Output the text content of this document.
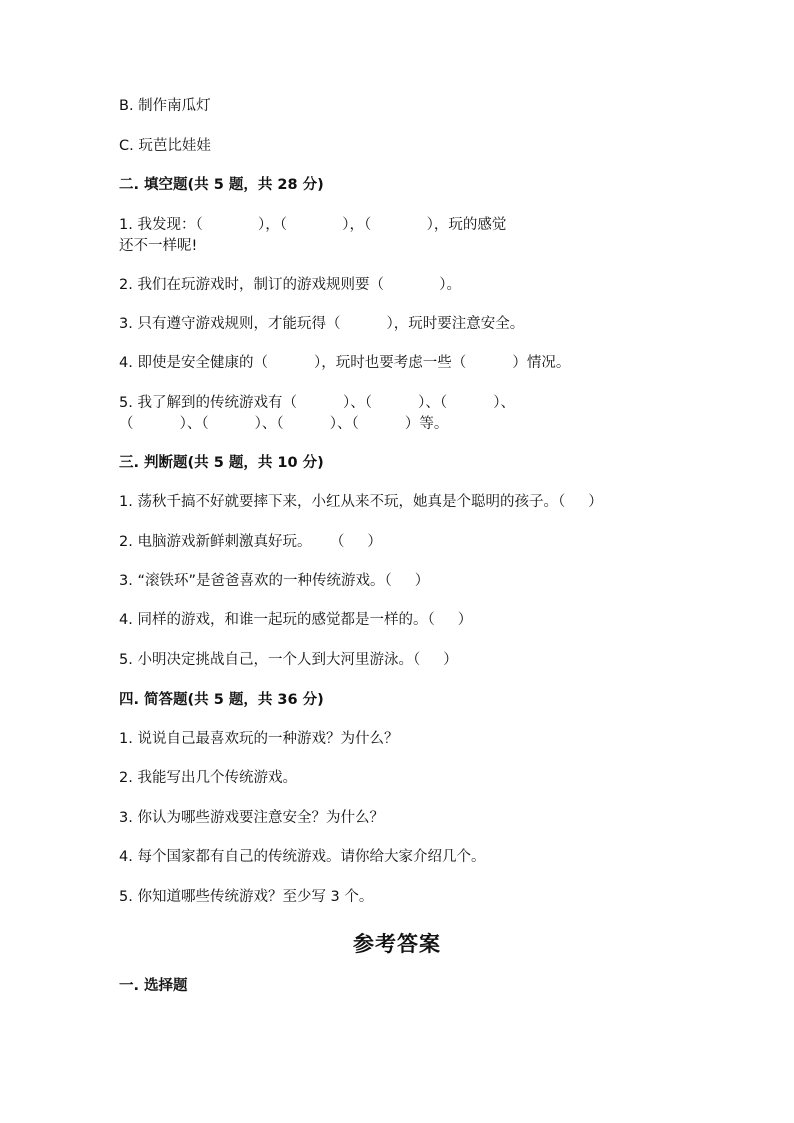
B. 制作南瓜灯
C. 玩芭比娃娃
二. 填空题(共 5 题，共 28 分)
1. 我发现：（            ），（            ），（            ），玩的感觉
还不一样呢!
2. 我们在玩游戏时，制订的游戏规则要（            ）。
3. 只有遵守游戏规则，才能玩得（          ），玩时要注意安全。
4. 即使是安全健康的（          ），玩时也要考虑一些（          ）情况。
5. 我了解到的传统游戏有（          ）、（          ）、（          ）、
（          ）、（          ）、（          ）、（          ）等。
三. 判断题(共 5 题，共 10 分)
1. 荡秋千搞不好就要摔下来，小红从来不玩，她真是个聪明的孩子。（     ）
2. 电脑游戏新鲜刺激真好玩。    （     ）
3. “滚铁环”是爸爸喜欢的一种传统游戏。（     ）
4. 同样的游戏，和谁一起玩的感觉都是一样的。（     ）
5. 小明决定挑战自己，一个人到大河里游泳。（     ）
四. 简答题(共 5 题，共 36 分)
1. 说说自己最喜欢玩的一种游戏？为什么？
2. 我能写出几个传统游戏。
3. 你认为哪些游戏要注意安全？为什么？
4. 每个国家都有自己的传统游戏。请你给大家介绍几个。
5. 你知道哪些传统游戏？至少写 3 个。
参考答案
一. 选择题
